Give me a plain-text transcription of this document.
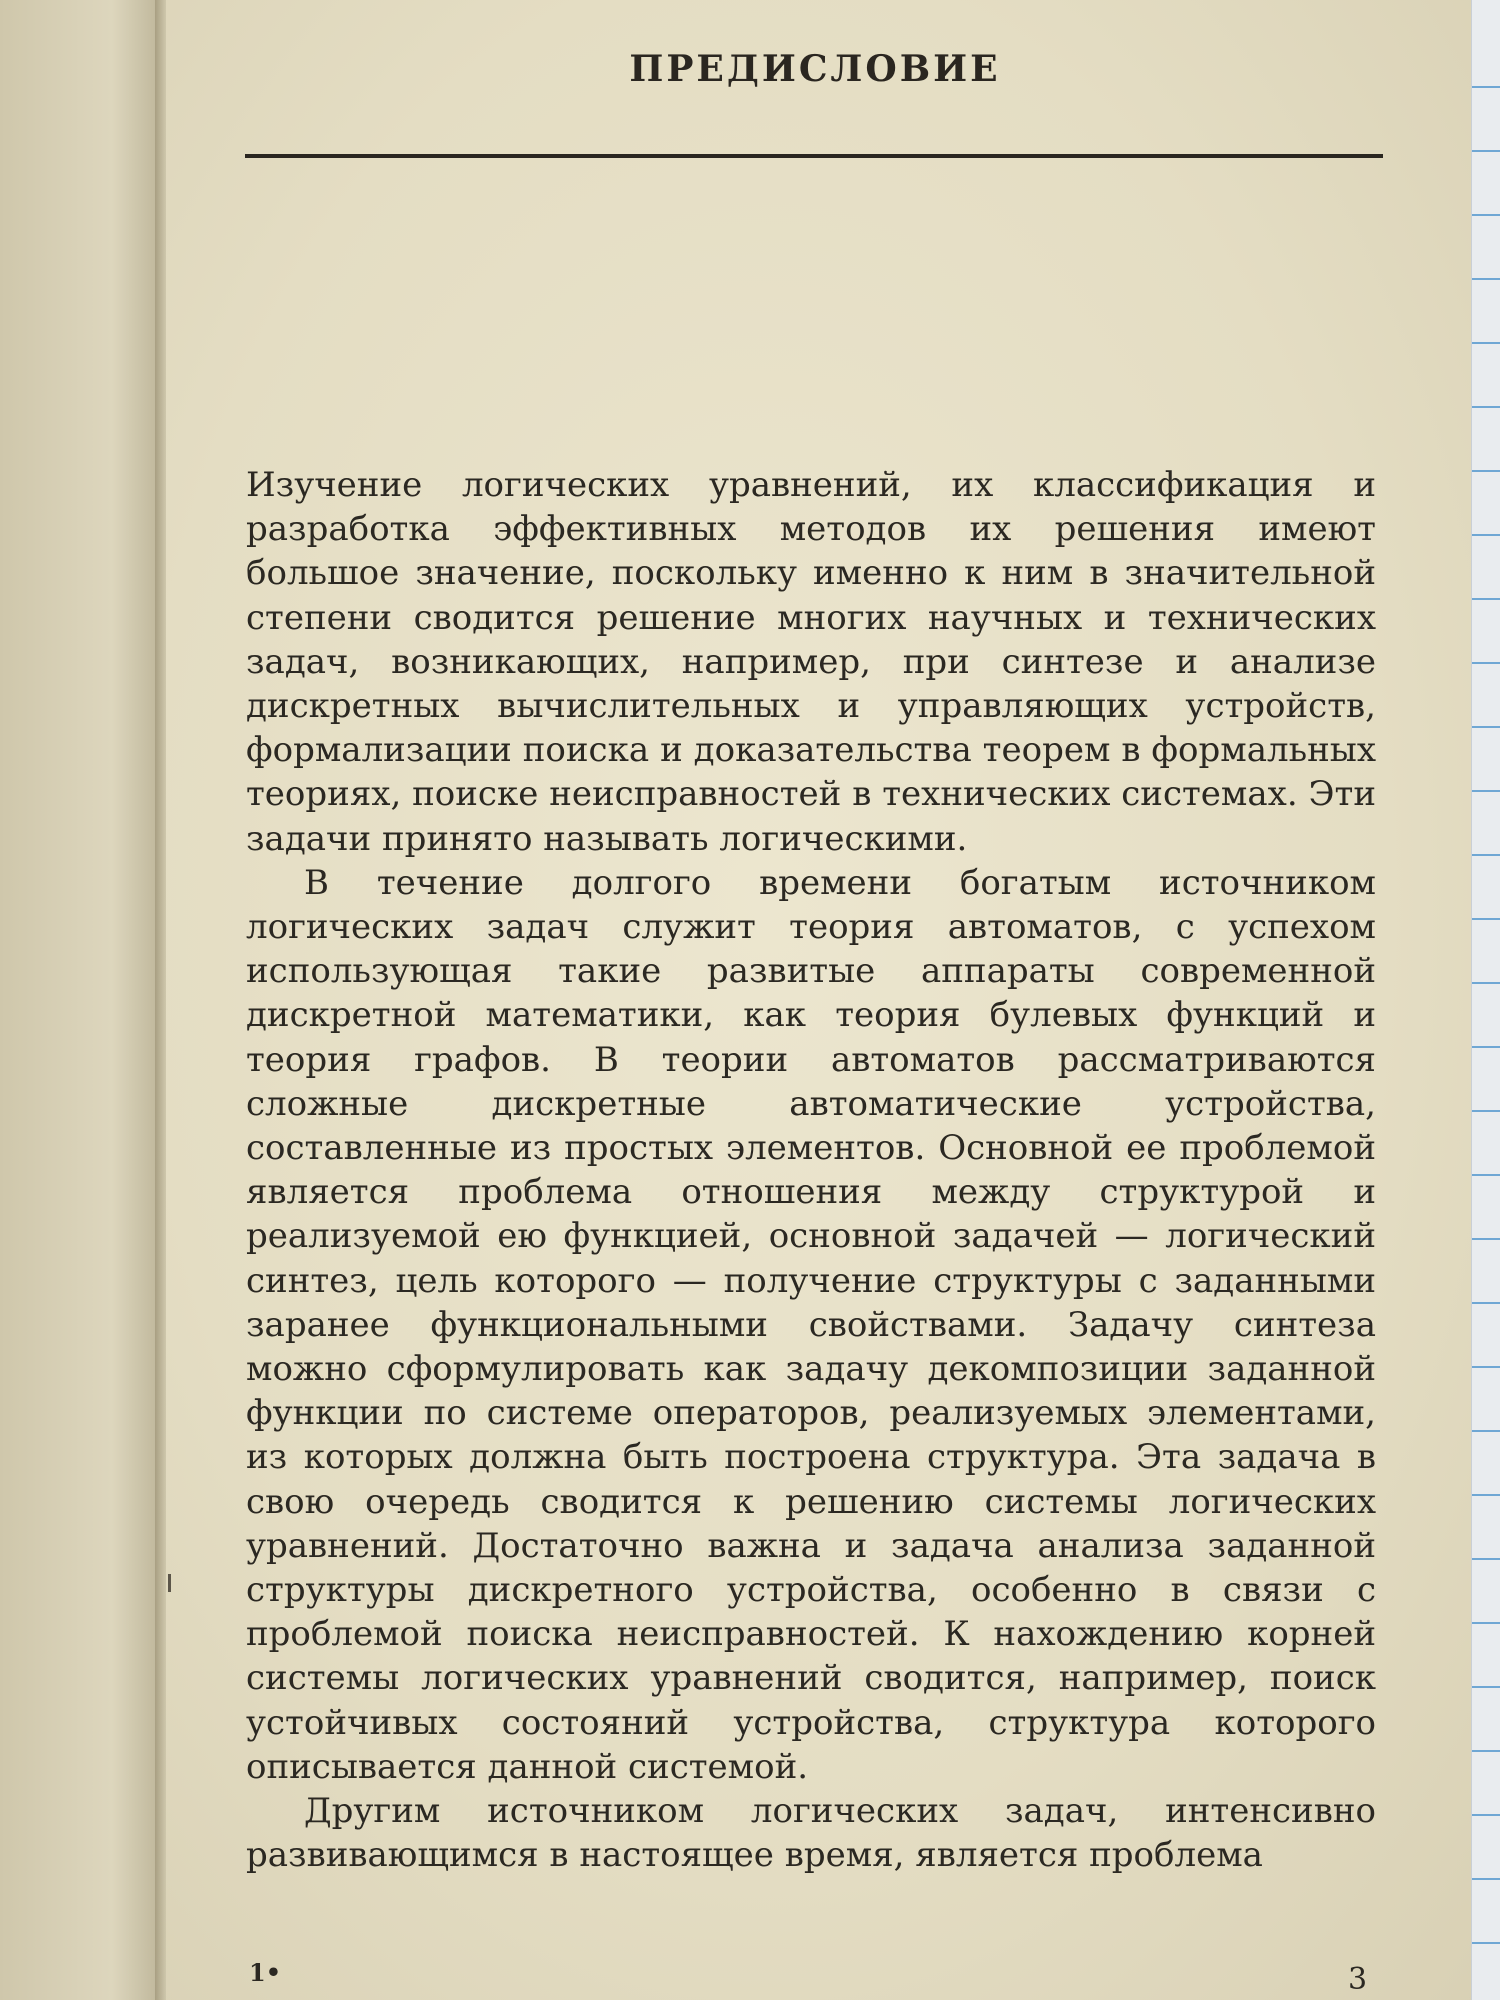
ПРЕДИСЛОВИЕ

Изучение логических уравнений, их классификация и разработка эффективных методов их решения имеют большое значение, поскольку именно к ним в значительной степени сводится решение многих научных и технических задач, возникающих, например, при синтезе и анализе дискретных вычислительных и управляющих устройств, формализации поиска и доказательства теорем в формальных теориях, поиске неисправностей в технических системах. Эти задачи принято называть логическими.

В течение долгого времени богатым источником логических задач служит теория автоматов, с успехом использующая такие развитые аппараты современной дискретной математики, как теория булевых функций и теория графов. В теории автоматов рассматриваются сложные дискретные автоматические устройства, составленные из простых элементов. Основной ее проблемой является проблема отношения между структурой и реализуемой ею функцией, основной задачей — логический синтез, цель которого — получение структуры с заданными заранее функциональными свойствами. Задачу синтеза можно сформулировать как задачу декомпозиции заданной функции по системе операторов, реализуемых элементами, из которых должна быть построена структура. Эта задача в свою очередь сводится к решению системы логических уравнений. Достаточно важна и задача анализа заданной структуры дискретного устройства, особенно в связи с проблемой поиска неисправностей. К нахождению корней системы логических уравнений сводится, например, поиск устойчивых состояний устройства, структура которого описывается данной системой.

Другим источником логических задач, интенсивно развивающимся в настоящее время, является проблема

1•	3
